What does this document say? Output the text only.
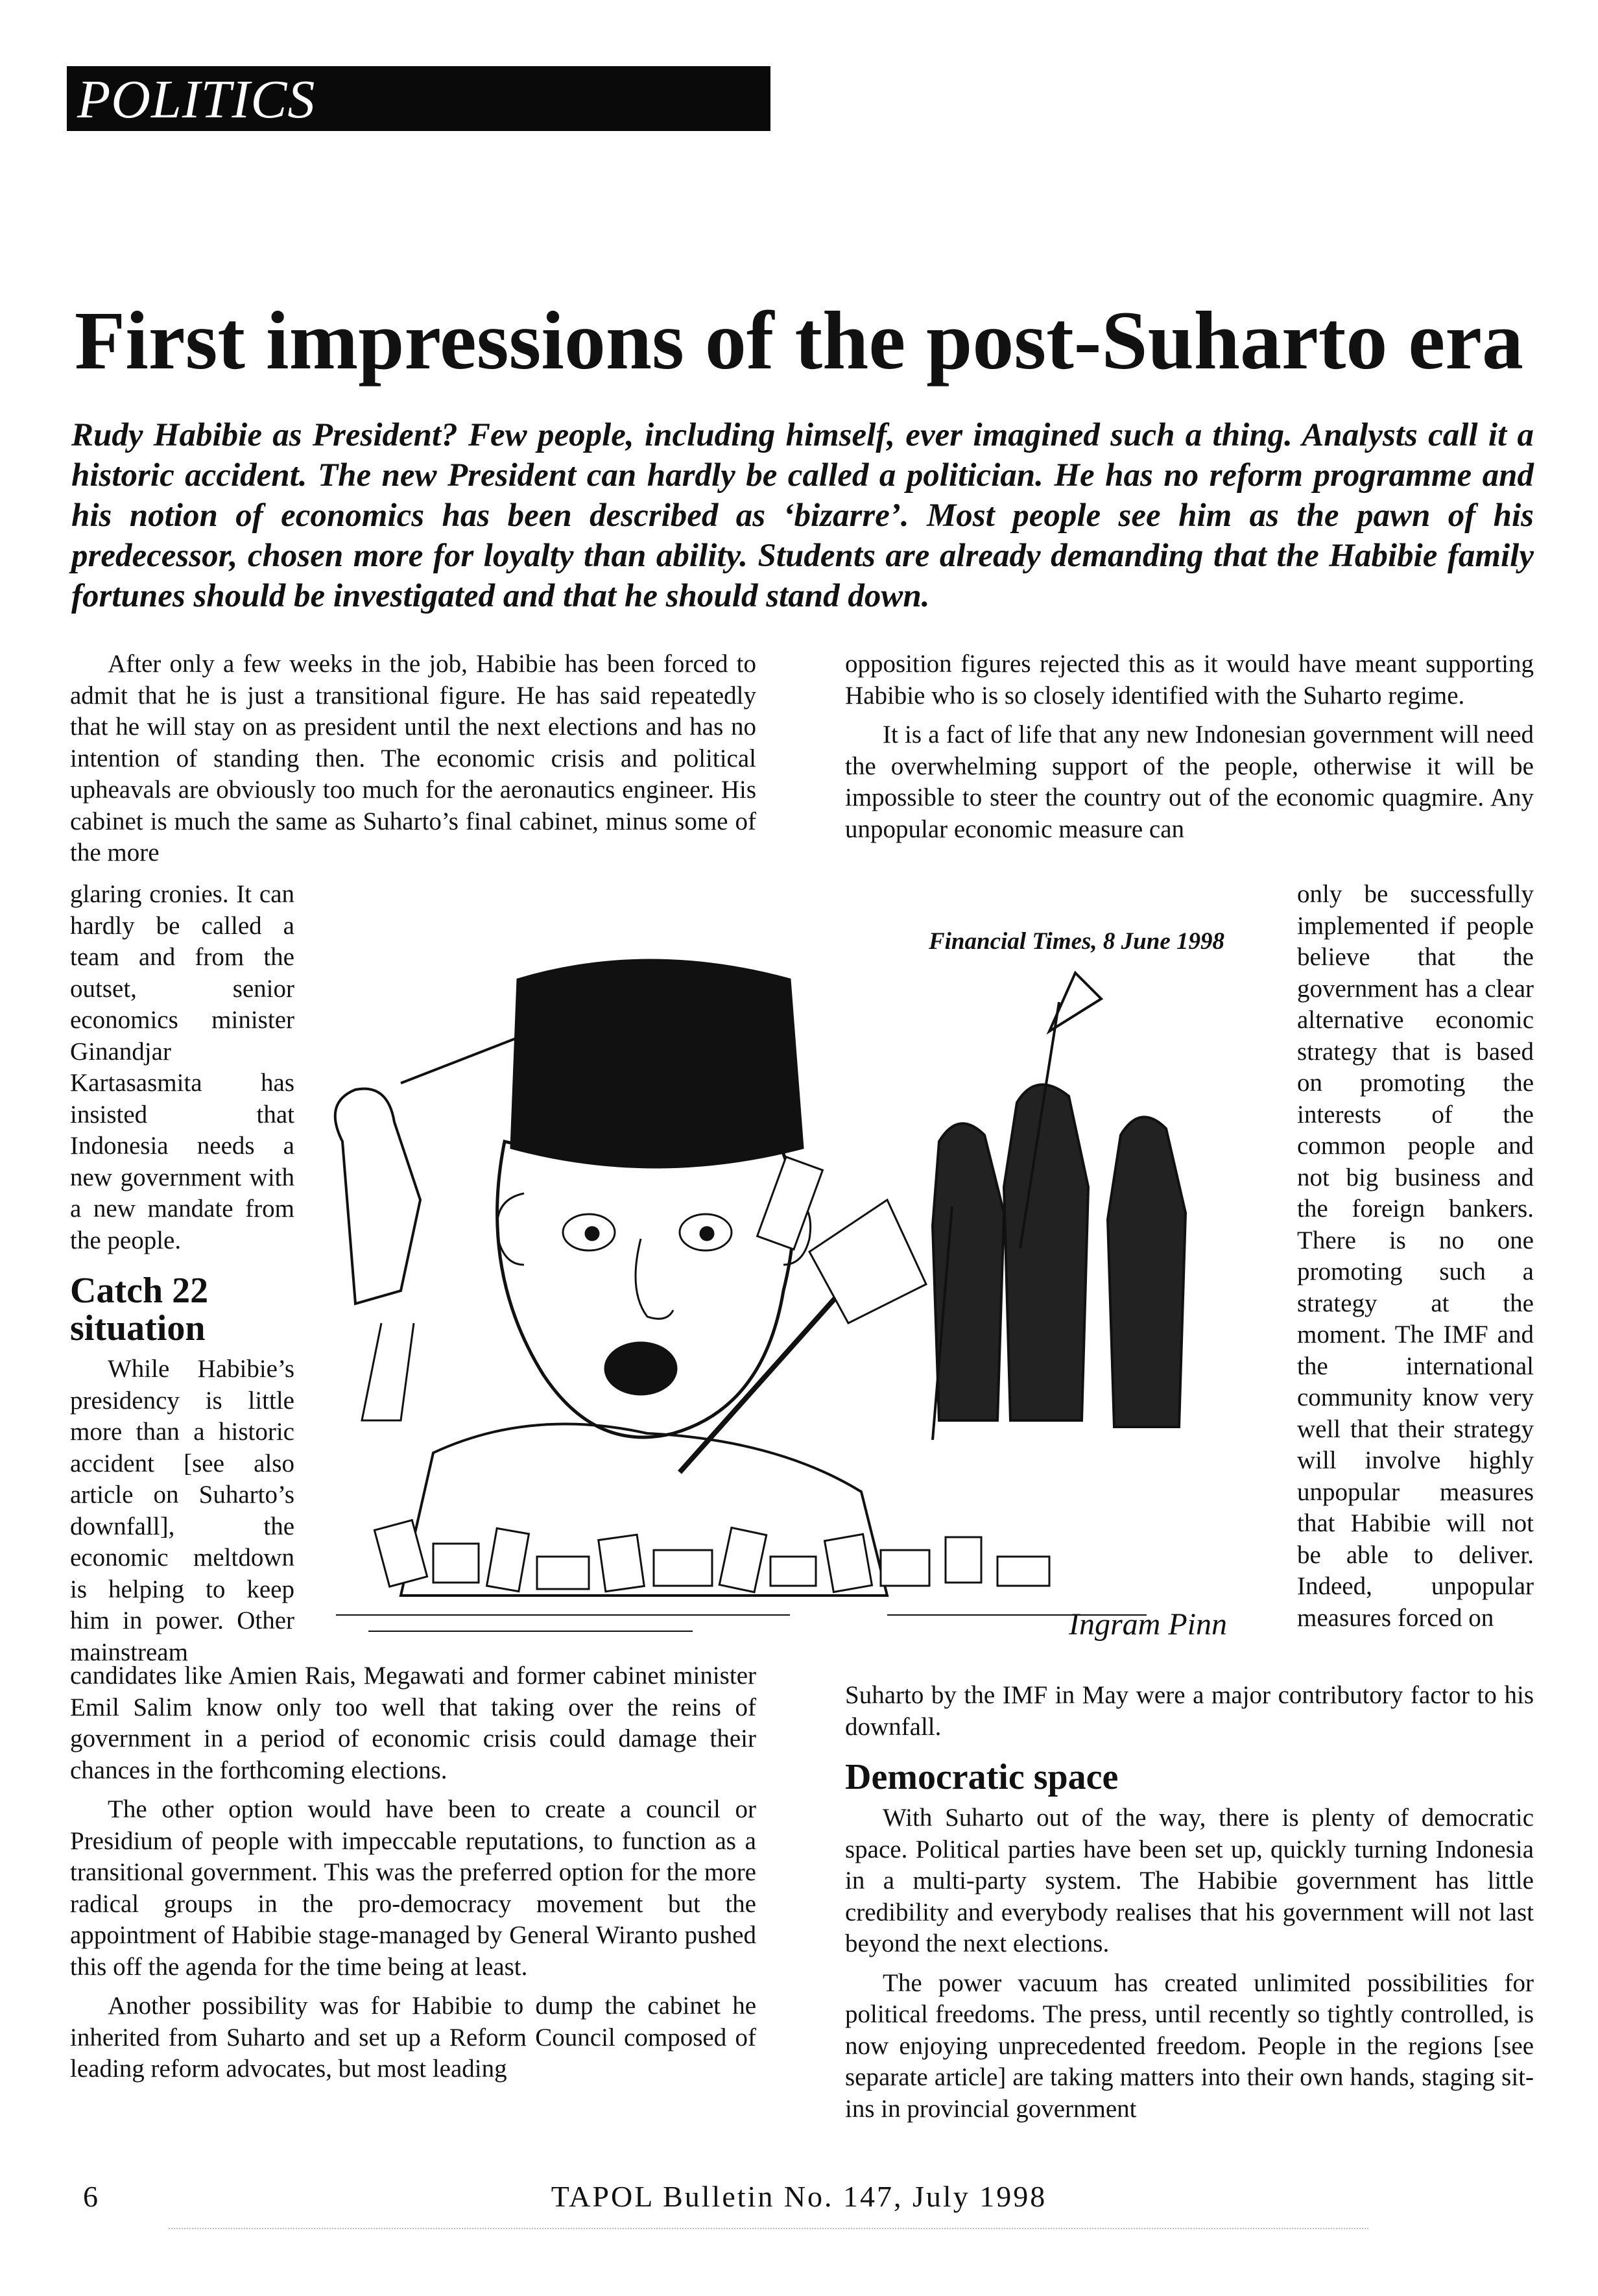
POLITICS
First impressions of the post-Suharto era

Rudy Habibie as President? Few people, including himself, ever imagined such a thing. Analysts call it a historic accident. The new President can hardly be called a politician. He has no reform programme and his notion of economics has been described as ‘bizarre’. Most people see him as the pawn of his predecessor, chosen more for loyalty than ability. Students are already demanding that the Habibie family fortunes should be investigated and that he should stand down.

After only a few weeks in the job, Habibie has been forced to admit that he is just a transitional figure. He has said repeatedly that he will stay on as president until the next elections and has no intention of standing then. The economic crisis and political upheavals are obviously too much for the aeronautics engineer. His cabinet is much the same as Suharto’s final cabinet, minus some of the more

glaring cronies. It can hardly be called a team and from the outset, senior economics minister Ginandjar Kartasasmita has insisted that Indonesia needs a new government with a new mandate from the people.

Catch 22 situation

While Habibie’s presidency is little more than a historic accident [see also article on Suharto’s downfall], the economic meltdown is helping to keep him in power. Other mainstream

candidates like Amien Rais, Megawati and former cabinet minister Emil Salim know only too well that taking over the reins of government in a period of economic crisis could damage their chances in the forthcoming elections.

The other option would have been to create a council or Presidium of people with impeccable reputations, to function as a transitional government. This was the preferred option for the more radical groups in the pro-democracy movement but the appointment of Habibie stage-managed by General Wiranto pushed this off the agenda for the time being at least.

Another possibility was for Habibie to dump the cabinet he inherited from Suharto and set up a Reform Council composed of leading reform advocates, but most leading

opposition figures rejected this as it would have meant supporting Habibie who is so closely identified with the Suharto regime.

It is a fact of life that any new Indonesian government will need the overwhelming support of the people, otherwise it will be impossible to steer the country out of the economic quagmire. Any unpopular economic measure can

only be successfully implemented if people believe that the government has a clear alternative economic strategy that is based on promoting the interests of the common people and not big business and the foreign bankers. There is no one promoting such a strategy at the moment. The IMF and the international community know very well that their strategy will involve highly unpopular measures that Habibie will not be able to deliver. Indeed, unpopular measures forced on

Suharto by the IMF in May were a major contributory factor to his downfall.

Democratic space

With Suharto out of the way, there is plenty of democratic space. Political parties have been set up, quickly turning Indonesia in a multi-party system. The Habibie government has little credibility and everybody realises that his government will not last beyond the next elections.

The power vacuum has created unlimited possibilities for political freedoms. The press, until recently so tightly controlled, is now enjoying unprecedented freedom. People in the regions [see separate article] are taking matters into their own hands, staging sit-ins in provincial government

Financial Times, 8 June 1998
Ingram Pinn
6	TAPOL Bulletin No. 147, July 1998
